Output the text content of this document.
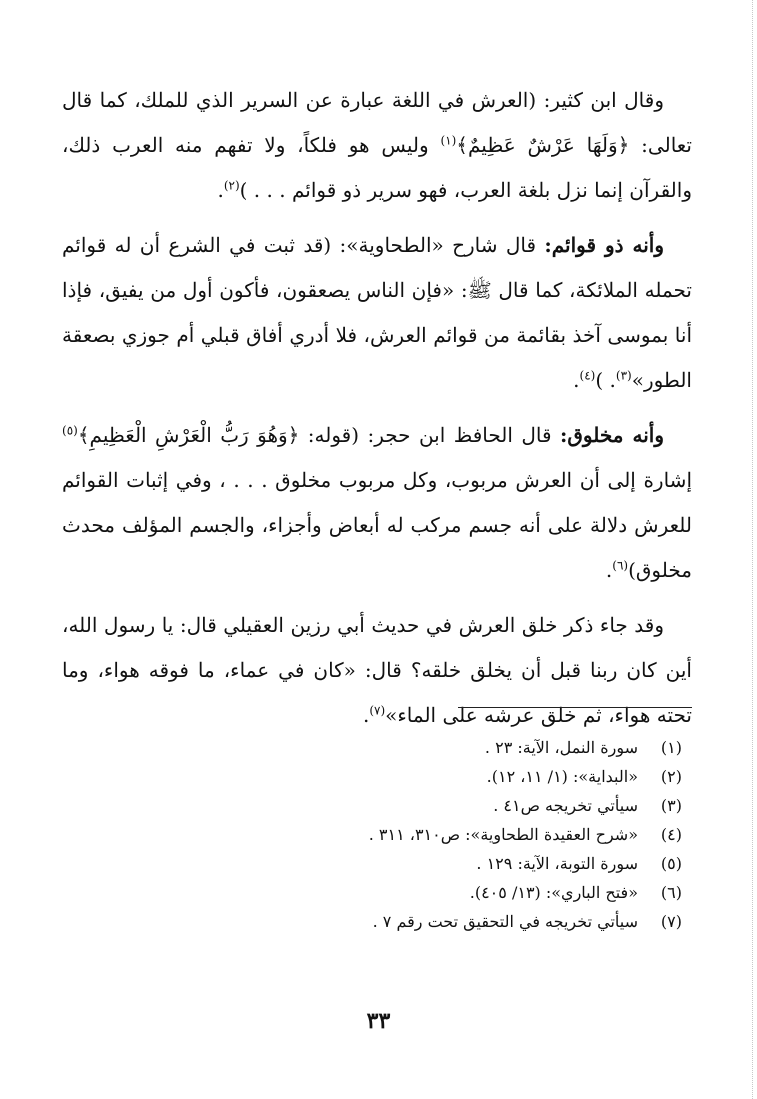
وقال ابن كثير: (العرش في اللغة عبارة عن السرير الذي للملك، كما قال تعالى: ﴿وَلَهَا عَرْشٌ عَظِيمٌ﴾$^{(١)}$ وليس هو فلكاً، ولا تفهم منه العرب ذلك، والقرآن إنما نزل بلغة العرب، فهو سرير ذو قوائم . . . )$^{(٢)}$.

وأنه ذو قوائم: قال شارح «الطحاوية»: (قد ثبت في الشرع أن له قوائم تحمله الملائكة، كما قال ﷺ: «فإن الناس يصعقون، فأكون أول من يفيق، فإذا أنا بموسى آخذ بقائمة من قوائم العرش، فلا أدري أفاق قبلي أم جوزي بصعقة الطور»$^{(٣)}$. )$^{(٤)}$.

وأنه مخلوق: قال الحافظ ابن حجر: (قوله: ﴿وَهُوَ رَبُّ الْعَرْشِ الْعَظِيمِ﴾$^{(٥)}$ إشارة إلى أن العرش مربوب، وكل مربوب مخلوق . . . ، وفي إثبات القوائم للعرش دلالة على أنه جسم مركب له أبعاض وأجزاء، والجسم المؤلف محدث مخلوق)$^{(٦)}$.

وقد جاء ذكر خلق العرش في حديث أبي رزين العقيلي قال: يا رسول الله، أين كان ربنا قبل أن يخلق خلقه؟ قال: «كان في عماء، ما فوقه هواء، وما تحته هواء، ثم خلق عرشه على الماء»$^{(٧)}$.

(١)سورة النمل، الآية: ٢٣ .
(٢)«البداية»: (١/ ١١، ١٢).
(٣)سيأتي تخريجه ص٤١ .
(٤)«شرح العقيدة الطحاوية»: ص٣١٠، ٣١١ .
(٥)سورة التوبة، الآية: ١٢٩ .
(٦)«فتح الباري»: (١٣/ ٤٠٥).
(٧)سيأتي تخريجه في التحقيق تحت رقم ٧ .
٣٣
